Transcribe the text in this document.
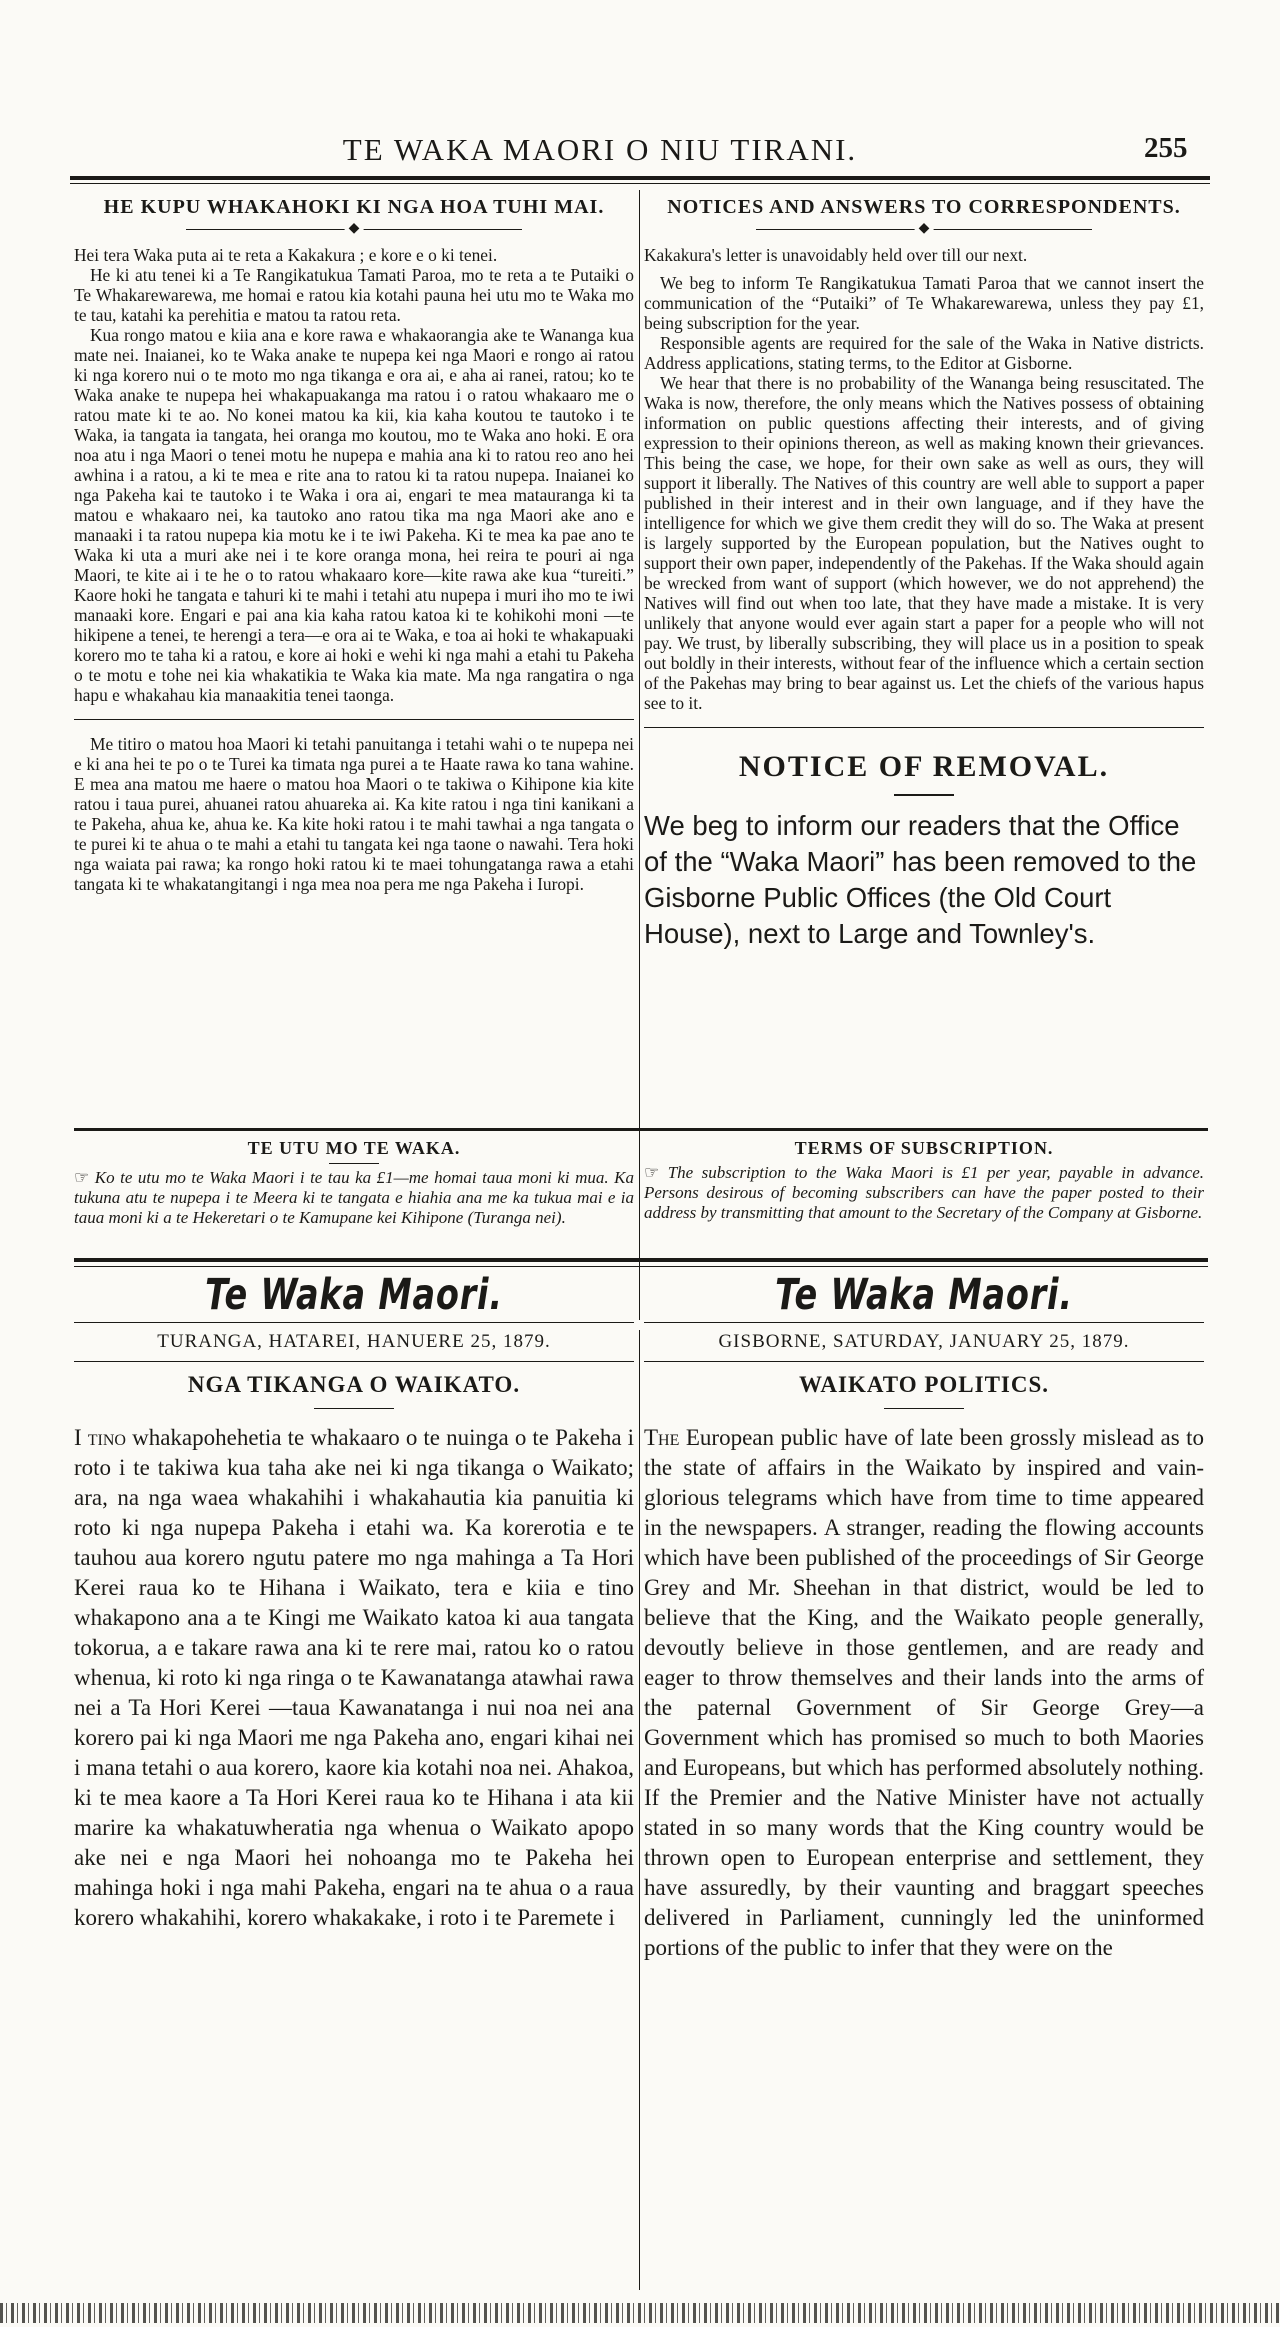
TE WAKA MAORI O NIU TIRANI.	255
HE KUPU WHAKAHOKI KI NGA HOA TUHI MAI.
◆

Hei tera Waka puta ai te reta a Kakakura ; e kore e o ki tenei.

He ki atu tenei ki a Te Rangikatukua Tamati Paroa, mo te reta a te Putaiki o Te Whakarewarewa, me homai e ratou kia kotahi pauna hei utu mo te Waka mo te tau, katahi ka perehitia e matou ta ratou reta.

Kua rongo matou e kiia ana e kore rawa e whakaorangia ake te Wananga kua mate nei. Inaianei, ko te Waka anake te nupepa kei nga Maori e rongo ai ratou ki nga korero nui o te moto mo nga tikanga e ora ai, e aha ai ranei, ratou; ko te Waka anake te nupepa hei whakapuakanga ma ratou i o ratou whakaaro me o ratou mate ki te ao. No konei matou ka kii, kia kaha koutou te tautoko i te Waka, ia tangata ia tangata, hei oranga mo koutou, mo te Waka ano hoki. E ora noa atu i nga Maori o tenei motu he nupepa e mahia ana ki to ratou reo ano hei awhina i a ratou, a ki te mea e rite ana to ratou ki ta ratou nupepa. Inaianei ko nga Pakeha kai te tautoko i te Waka i ora ai, engari te mea matauranga ki ta matou e whakaaro nei, ka tautoko ano ratou tika ma nga Maori ake ano e manaaki i ta ratou nupepa kia motu ke i te iwi Pakeha. Ki te mea ka pae ano te Waka ki uta a muri ake nei i te kore oranga mona, hei reira te pouri ai nga Maori, te kite ai i te he o to ratou whakaaro kore—kite rawa ake kua “tureiti.” Kaore hoki he tangata e tahuri ki te mahi i tetahi atu nupepa i muri iho mo te iwi manaaki kore. Engari e pai ana kia kaha ratou katoa ki te kohikohi moni —te hikipene a tenei, te herengi a tera—e ora ai te Waka, e toa ai hoki te whakapuaki korero mo te taha ki a ratou, e kore ai hoki e wehi ki nga mahi a etahi tu Pakeha o te motu e tohe nei kia whakatikia te Waka kia mate. Ma nga rangatira o nga hapu e whakahau kia manaakitia tenei taonga.

Me titiro o matou hoa Maori ki tetahi panuitanga i tetahi wahi o te nupepa nei e ki ana hei te po o te Turei ka timata nga purei a te Haate rawa ko tana wahine. E mea ana matou me haere o matou hoa Maori o te takiwa o Kihipone kia kite ratou i taua purei, ahuanei ratou ahuareka ai. Ka kite ratou i nga tini kanikani a te Pakeha, ahua ke, ahua ke. Ka kite hoki ratou i te mahi tawhai a nga tangata o te purei ki te ahua o te mahi a etahi tu tangata kei nga taone o nawahi. Tera hoki nga waiata pai rawa; ka rongo hoki ratou ki te maei tohungatanga rawa a etahi tangata ki te whakatangitangi i nga mea noa pera me nga Pakeha i Iuropi.

NOTICES AND ANSWERS TO CORRESPONDENTS.
◆

Kakakura's letter is unavoidably held over till our next.

We beg to inform Te Rangikatukua Tamati Paroa that we cannot insert the communication of the “Putaiki” of Te Whakarewarewa, unless they pay £1, being subscription for the year.

Responsible agents are required for the sale of the Waka in Native districts. Address applications, stating terms, to the Editor at Gisborne.

We hear that there is no probability of the Wananga being resuscitated. The Waka is now, therefore, the only means which the Natives possess of obtaining information on public questions affecting their interests, and of giving expression to their opinions thereon, as well as making known their grievances. This being the case, we hope, for their own sake as well as ours, they will support it liberally. The Natives of this country are well able to support a paper published in their interest and in their own language, and if they have the intelligence for which we give them credit they will do so. The Waka at present is largely supported by the European population, but the Natives ought to support their own paper, independently of the Pakehas. If the Waka should again be wrecked from want of support (which however, we do not apprehend) the Natives will find out when too late, that they have made a mistake. It is very unlikely that anyone would ever again start a paper for a people who will not pay. We trust, by liberally subscribing, they will place us in a position to speak out boldly in their interests, without fear of the influence which a certain section of the Pakehas may bring to bear against us. Let the chiefs of the various hapus see to it.

NOTICE OF REMOVAL.

We beg to inform our readers that the Office of the “Waka Maori” has been removed to the Gisborne Public Offices (the Old Court House), next to Large and Townley's.

TE UTU MO TE WAKA.

☞ Ko te utu mo te Waka Maori i te tau ka £1—me homai taua moni ki mua. Ka tukuna atu te nupepa i te Meera ki te tangata e hiahia ana me ka tukua mai e ia taua moni ki a te Hekeretari o te Kamupane kei Kihipone (Turanga nei).

TERMS OF SUBSCRIPTION.

☞ The subscription to the Waka Maori is £1 per year, payable in advance. Persons desirous of becoming subscribers can have the paper posted to their address by transmitting that amount to the Secretary of the Company at Gisborne.

Te Waka Maori.
TURANGA, HATAREI, HANUERE 25, 1879.
NGA TIKANGA O WAIKATO.

I tino whakapohehetia te whakaaro o te nuinga o te Pakeha i roto i te takiwa kua taha ake nei ki nga tikanga o Waikato; ara, na nga waea whakahihi i whakahautia kia panuitia ki roto ki nga nupepa Pakeha i etahi wa. Ka korerotia e te tauhou aua korero ngutu patere mo nga mahinga a Ta Hori Kerei raua ko te Hihana i Waikato, tera e kiia e tino whakapono ana a te Kingi me Waikato katoa ki aua tangata tokorua, a e takare rawa ana ki te rere mai, ratou ko o ratou whenua, ki roto ki nga ringa o te Kawanatanga atawhai rawa nei a Ta Hori Kerei —taua Kawanatanga i nui noa nei ana korero pai ki nga Maori me nga Pakeha ano, engari kihai nei i mana tetahi o aua korero, kaore kia kotahi noa nei. Ahakoa, ki te mea kaore a Ta Hori Kerei raua ko te Hihana i ata kii marire ka whakatuwheratia nga whenua o Waikato apopo ake nei e nga Maori hei nohoanga mo te Pakeha hei mahinga hoki i nga mahi Pakeha, engari na te ahua o a raua korero whakahihi, korero whakakake, i roto i te Paremete i

Te Waka Maori.
GISBORNE, SATURDAY, JANUARY 25, 1879.
WAIKATO POLITICS.

The European public have of late been grossly mislead as to the state of affairs in the Waikato by inspired and vain-glorious telegrams which have from time to time appeared in the newspapers. A stranger, reading the flowing accounts which have been published of the proceedings of Sir George Grey and Mr. Sheehan in that district, would be led to believe that the King, and the Waikato people generally, devoutly believe in those gentlemen, and are ready and eager to throw themselves and their lands into the arms of the paternal Government of Sir George Grey—a Government which has promised so much to both Maories and Europeans, but which has performed absolutely nothing. If the Premier and the Native Minister have not actually stated in so many words that the King country would be thrown open to European enterprise and settlement, they have assuredly, by their vaunting and braggart speeches delivered in Parliament, cunningly led the uninformed portions of the public to infer that they were on the
